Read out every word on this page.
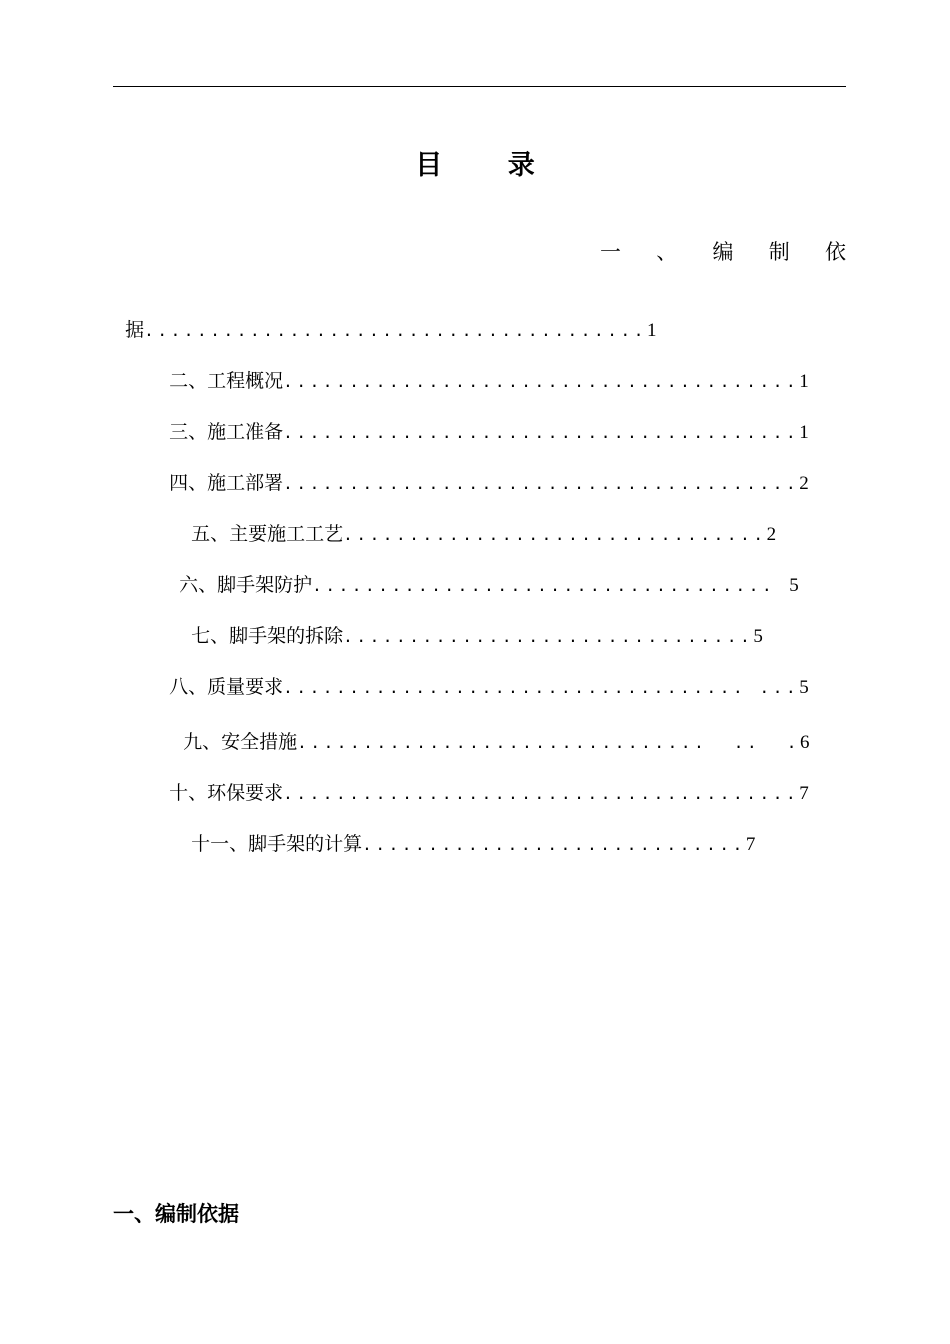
目 录
一 、 编 制 依

据......................................1

二、工程概况.......................................1

三、施工准备.......................................1

四、施工部署.......................................2

五、主要施工工艺................................2

六、脚手架防护................................... 5

七、脚手架的拆除...............................5

八、质量要求................................... ...5

九、安全措施...............................  ..  .6

十、环保要求.......................................7

十一、脚手架的计算.............................7

一、编制依据
